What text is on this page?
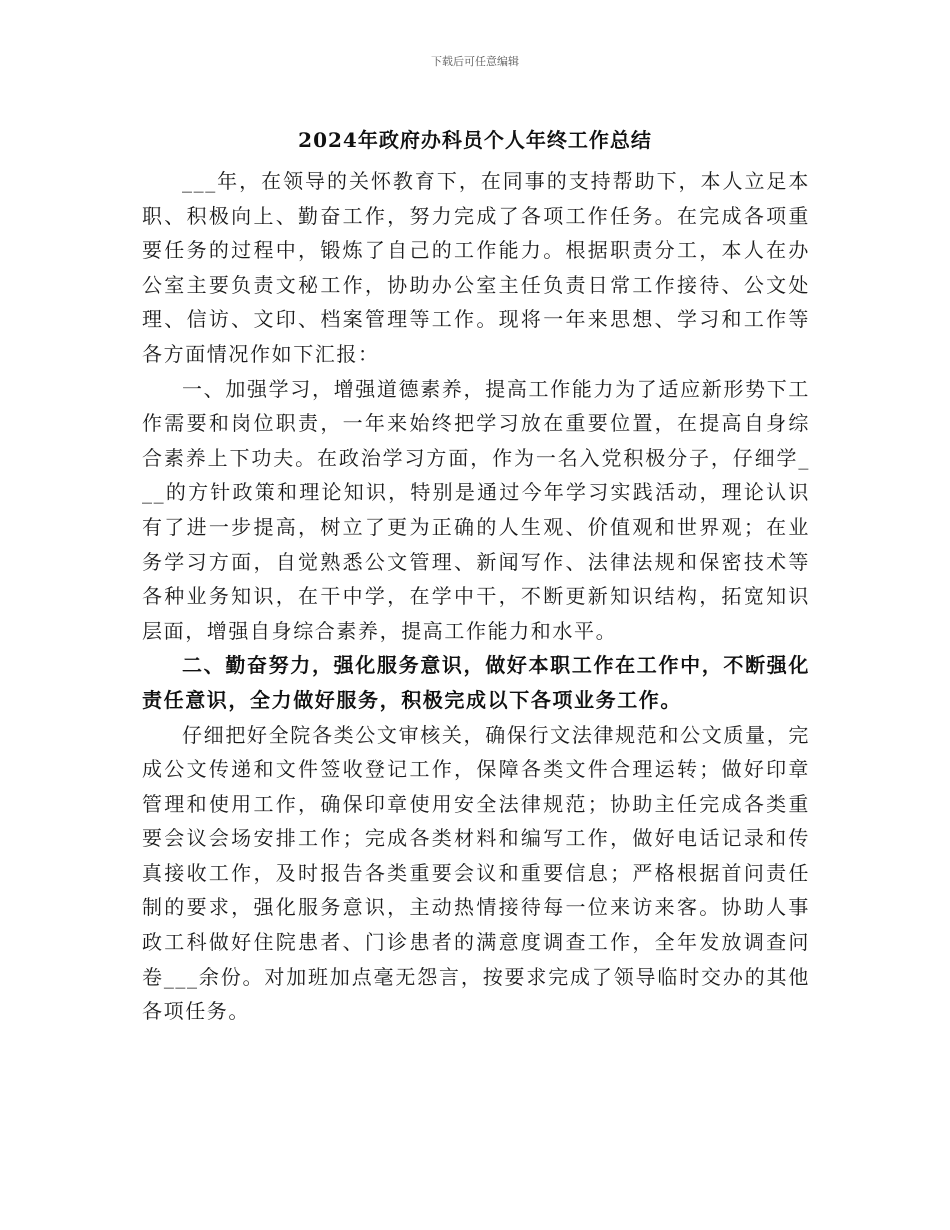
下载后可任意编辑
2024年政府办科员个人年终工作总结

___年，在领导的关怀教育下，在同事的支持帮助下，本人立足本职、积极向上、勤奋工作，努力完成了各项工作任务。在完成各项重要任务的过程中，锻炼了自己的工作能力。根据职责分工，本人在办公室主要负责文秘工作，协助办公室主任负责日常工作接待、公文处理、信访、文印、档案管理等工作。现将一年来思想、学习和工作等各方面情况作如下汇报：

一、加强学习，增强道德素养，提高工作能力为了适应新形势下工作需要和岗位职责，一年来始终把学习放在重要位置，在提高自身综合素养上下功夫。在政治学习方面，作为一名入党积极分子，仔细学___的方针政策和理论知识，特别是通过今年学习实践活动，理论认识有了进一步提高，树立了更为正确的人生观、价值观和世界观；在业务学习方面，自觉熟悉公文管理、新闻写作、法律法规和保密技术等各种业务知识，在干中学，在学中干，不断更新知识结构，拓宽知识层面，增强自身综合素养，提高工作能力和水平。

二、勤奋努力，强化服务意识，做好本职工作在工作中，不断强化责任意识，全力做好服务，积极完成以下各项业务工作。

仔细把好全院各类公文审核关，确保行文法律规范和公文质量，完成公文传递和文件签收登记工作，保障各类文件合理运转；做好印章管理和使用工作，确保印章使用安全法律规范；协助主任完成各类重要会议会场安排工作；完成各类材料和编写工作，做好电话记录和传真接收工作，及时报告各类重要会议和重要信息；严格根据首问责任制的要求，强化服务意识，主动热情接待每一位来访来客。协助人事政工科做好住院患者、门诊患者的满意度调查工作，全年发放调查问卷___余份。对加班加点毫无怨言，按要求完成了领导临时交办的其他各项任务。
